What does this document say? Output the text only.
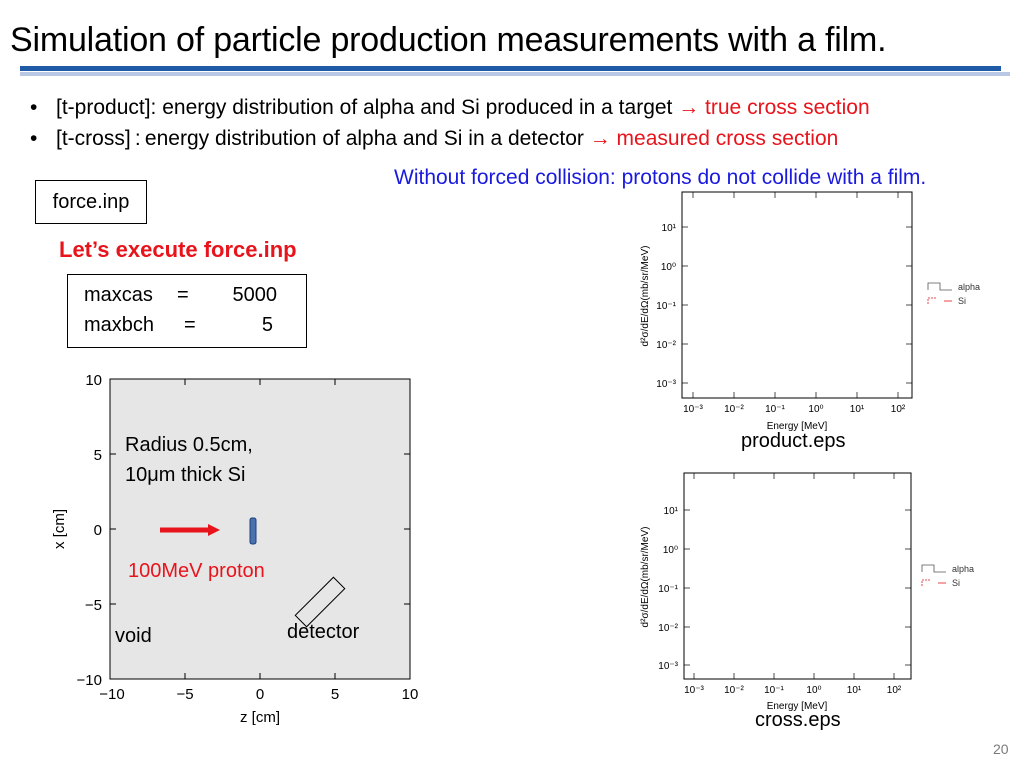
Simulation of particle production measurements with a film.
• [t-product]: energy distribution of alpha and Si produced in a target → true cross section
• [t-cross] : energy distribution of alpha and Si in a detector → measured cross section
Without forced collision: protons do not collide with a film.
force.inp
Let’s execute force.inp
maxcas =	5000
maxbch =	5
−10	−5	0	5	10
10
5
0
−5
−10
z [cm]
x [cm]
Radius 0.5cm,
10μm thick Si
100MeV proton
void	detector
10⁻³ 10⁻² 10⁻¹ 10⁰	10¹	10²
10¹
10⁰
10⁻¹
10⁻²
10⁻³
Energy [MeV]
d²σ/dE/dΩ(mb/sr/MeV)	alpha
Si
product.eps
10⁻³ 10⁻² 10⁻¹ 10⁰	10¹	10²
10¹
10⁰
10⁻¹
10⁻²
10⁻³
Energy [MeV]
d²σ/dE/dΩ(mb/sr/MeV)	alpha
Si
cross.eps
20
